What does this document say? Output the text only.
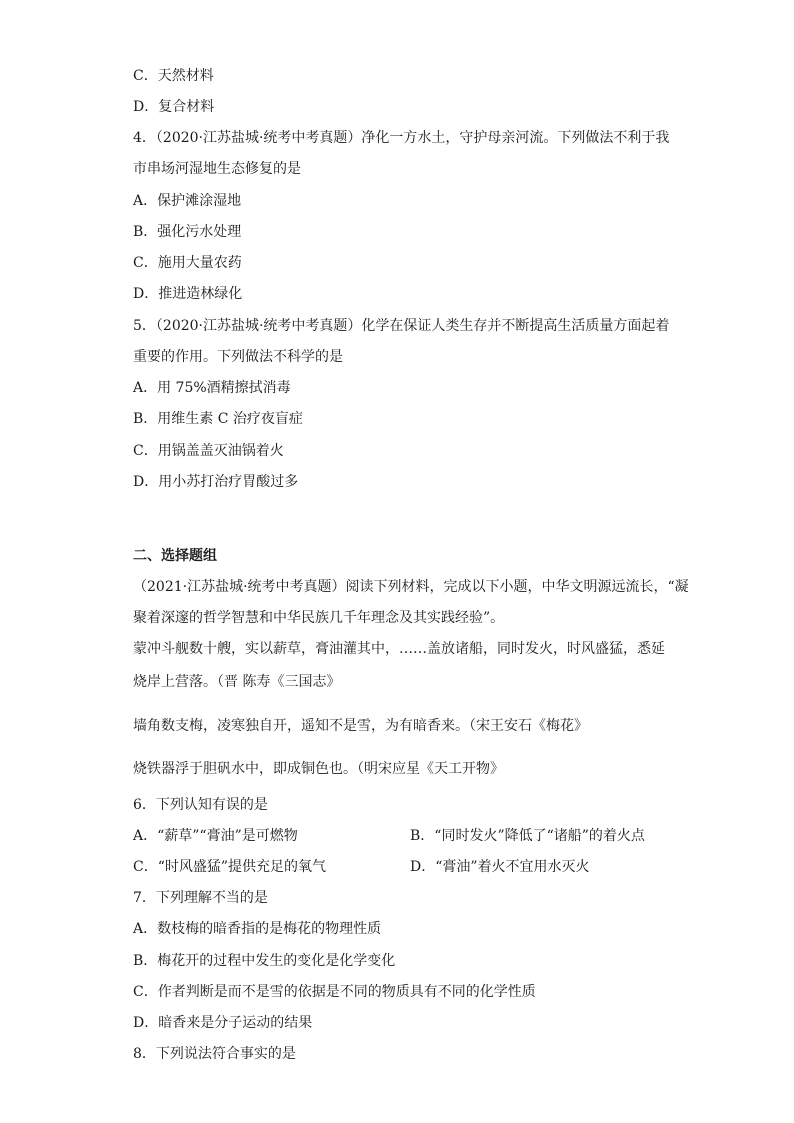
C．天然材料
D．复合材料
4．（2020·江苏盐城·统考中考真题）净化一方水土，守护母亲河流。下列做法不利于我
市串场河湿地生态修复的是
A．保护滩涂湿地
B．强化污水处理
C．施用大量农药
D．推进造林绿化
5．（2020·江苏盐城·统考中考真题）化学在保证人类生存并不断提高生活质量方面起着
重要的作用。下列做法不科学的是
A．用 75%酒精擦拭消毒
B．用维生素 C 治疗夜盲症
C．用锅盖盖灭油锅着火
D．用小苏打治疗胃酸过多
二、选择题组
（2021·江苏盐城·统考中考真题）阅读下列材料，完成以下小题，中华文明源远流长，“凝
聚着深邃的哲学智慧和中华民族几千年理念及其实践经验”。
蒙冲斗舰数十艘，实以薪草，膏油灌其中，……盖放诸船，同时发火，时风盛猛，悉延
烧岸上营落。（晋 陈寿《三国志》
墙角数支梅，凌寒独自开，遥知不是雪，为有暗香来。（宋王安石《梅花》
烧铁器浮于胆矾水中，即成铜色也。（明宋应星《天工开物》
6．下列认知有误的是
A．“薪草”“膏油”是可燃物	B．“同时发火”降低了“诸船”的着火点
C．“时风盛猛”提供充足的氧气	D．“膏油”着火不宜用水灭火
7．下列理解不当的是
A．数枝梅的暗香指的是梅花的物理性质
B．梅花开的过程中发生的变化是化学变化
C．作者判断是而不是雪的依据是不同的物质具有不同的化学性质
D．暗香来是分子运动的结果
8．下列说法符合事实的是
